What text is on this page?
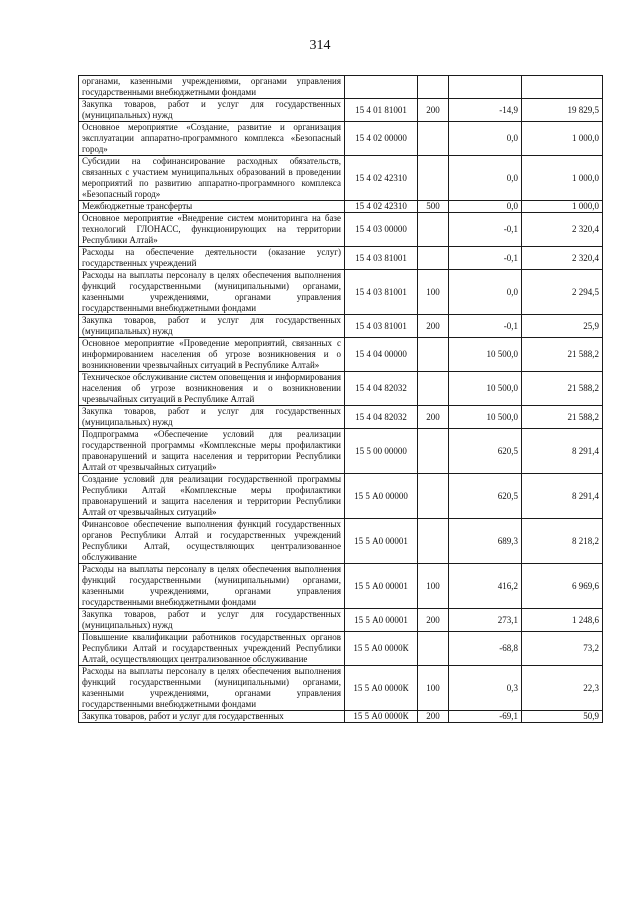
314
органами, казенными учреждениями, органами управления государственными внебюджетными фондами				
Закупка товаров, работ и услуг для государственных (муниципальных) нужд	15 4 01 81001	200	-14,9	19 829,5
Основное мероприятие «Создание, развитие и организация эксплуатации аппаратно-программного комплекса «Безопасный город»	15 4 02 00000		0,0	1 000,0
Субсидии на софинансирование расходных обязательств, связанных с участием муниципальных образований в проведении мероприятий по развитию аппаратно-программного комплекса «Безопасный город»	15 4 02 42310		0,0	1 000,0
Межбюджетные трансферты	15 4 02 42310	500	0,0	1 000,0
Основное мероприятие «Внедрение систем мониторинга на базе технологий ГЛОНАСС, функционирующих на территории Республики Алтай»	15 4 03 00000		-0,1	2 320,4
Расходы на обеспечение деятельности (оказание услуг) государственных учреждений	15 4 03 81001		-0,1	2 320,4
Расходы на выплаты персоналу в целях обеспечения выполнения функций государственными (муниципальными) органами, казенными учреждениями, органами управления государственными внебюджетными фондами	15 4 03 81001	100	0,0	2 294,5
Закупка товаров, работ и услуг для государственных (муниципальных) нужд	15 4 03 81001	200	-0,1	25,9
Основное мероприятие «Проведение мероприятий, связанных с информированием населения об угрозе возникновения и о возникновении чрезвычайных ситуаций в Республике Алтай»	15 4 04 00000		10 500,0	21 588,2
Техническое обслуживание систем оповещения и информирования населения об угрозе возникновения и о возникновении чрезвычайных ситуаций в Республике Алтай	15 4 04 82032		10 500,0	21 588,2
Закупка товаров, работ и услуг для государственных (муниципальных) нужд	15 4 04 82032	200	10 500,0	21 588,2
Подпрограмма «Обеспечение условий для реализации государственной программы «Комплексные меры профилактики правонарушений и защита населения и территории Республики Алтай от чрезвычайных ситуаций»	15 5 00 00000		620,5	8 291,4
Создание условий для реализации государственной программы Республики Алтай «Комплексные меры профилактики правонарушений и защита населения и территории Республики Алтай от чрезвычайных ситуаций»	15 5 А0 00000		620,5	8 291,4
Финансовое обеспечение выполнения функций государственных органов Республики Алтай и государственных учреждений Республики Алтай, осуществляющих централизованное обслуживание	15 5 А0 00001		689,3	8 218,2
Расходы на выплаты персоналу в целях обеспечения выполнения функций государственными (муниципальными) органами, казенными учреждениями, органами управления государственными внебюджетными фондами	15 5 А0 00001	100	416,2	6 969,6
Закупка товаров, работ и услуг для государственных (муниципальных) нужд	15 5 А0 00001	200	273,1	1 248,6
Повышение квалификации работников государственных органов Республики Алтай и государственных учреждений Республики Алтай, осуществляющих централизованное обслуживание	15 5 А0 0000К		-68,8	73,2
Расходы на выплаты персоналу в целях обеспечения выполнения функций государственными (муниципальными) органами, казенными учреждениями, органами управления государственными внебюджетными фондами	15 5 А0 0000К	100	0,3	22,3
Закупка товаров, работ и услуг для государственных	15 5 А0 0000К	200	-69,1	50,9
